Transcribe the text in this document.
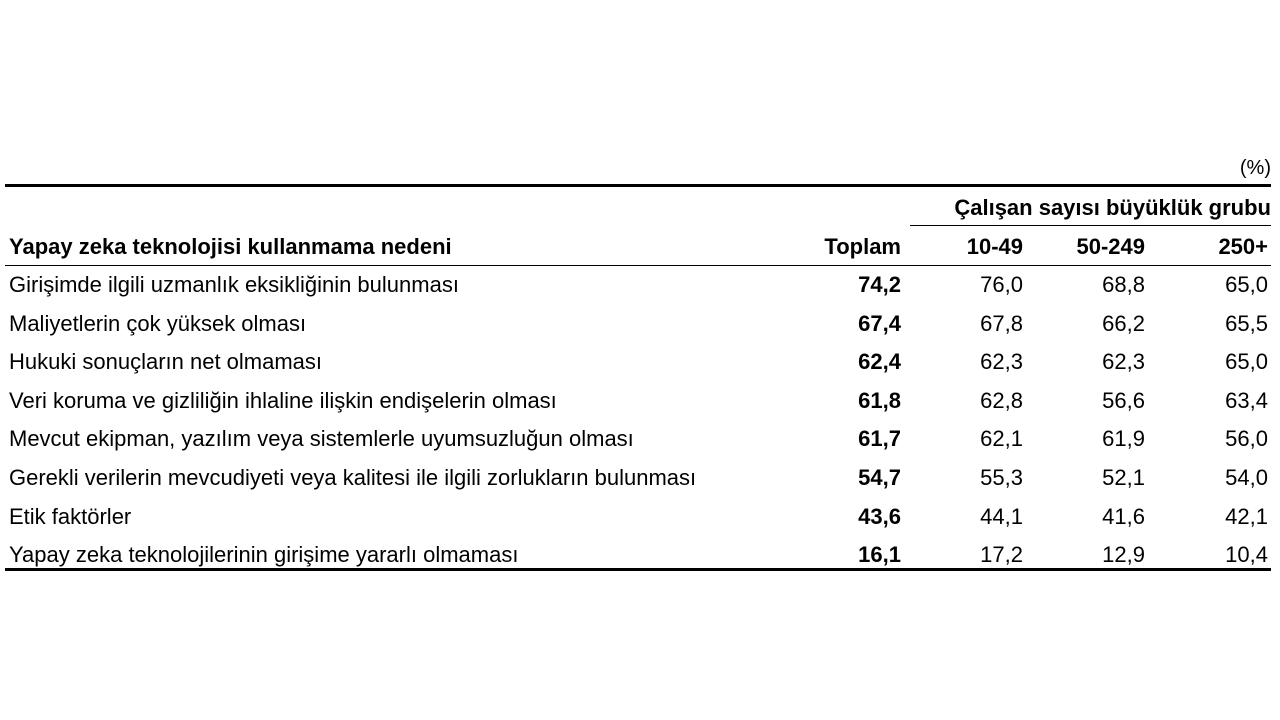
(%)
Çalışan sayısı büyüklük grubu
Yapay zeka teknolojisi kullanmama nedeni	Toplam	10-49	50-249	250+
Girişimde ilgili uzmanlık eksikliğinin bulunması	74,2	76,0	68,8	65,0
Maliyetlerin çok yüksek olması	67,4	67,8	66,2	65,5
Hukuki sonuçların net olmaması	62,4	62,3	62,3	65,0
Veri koruma ve gizliliğin ihlaline ilişkin endişelerin olması	61,8	62,8	56,6	63,4
Mevcut ekipman, yazılım veya sistemlerle uyumsuzluğun olması	61,7	62,1	61,9	56,0
Gerekli verilerin mevcudiyeti veya kalitesi ile ilgili zorlukların bulunması	54,7	55,3	52,1	54,0
Etik faktörler	43,6	44,1	41,6	42,1
Yapay zeka teknolojilerinin girişime yararlı olmaması	16,1	17,2	12,9	10,4
